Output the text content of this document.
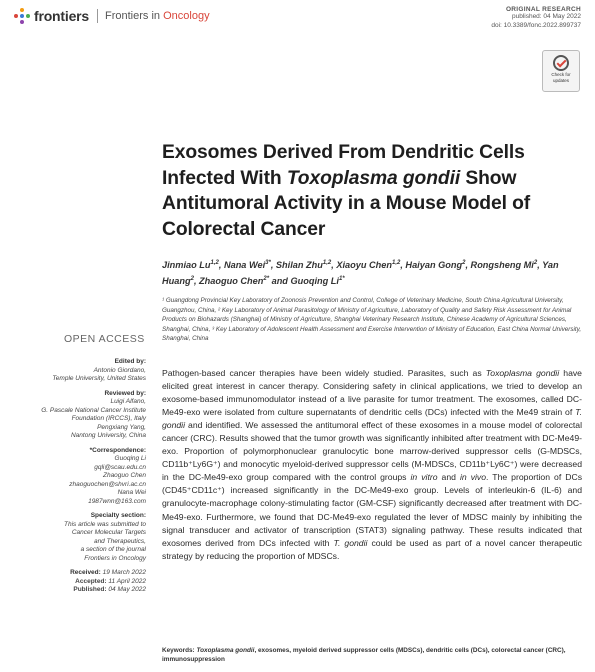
frontiers Frontiers in Oncology
ORIGINAL RESEARCH
published: 04 May 2022
doi: 10.3389/fonc.2022.899737
Check for
updates
Exosomes Derived From Dendritic Cells Infected With Toxoplasma gondii Show Antitumoral Activity in a Mouse Model of Colorectal Cancer
Jinmiao Lu$^{1,2}$, Nana Wei$^{3*}$, Shilan Zhu$^{1,2}$, Xiaoyu Chen$^{1,2}$, Haiyan Gong$^2$, Rongsheng Mi$^2$, Yan Huang$^2$, Zhaoguo Chen$^{2*}$ and Guoqing $Li^{1*}$
¹ Guangdong Provincial Key Laboratory of Zoonosis Prevention and Control, College of Veterinary Medicine, South China Agricultural University, Guangzhou, China, ² Key Laboratory of Animal Parasitology of Ministry of Agriculture, Laboratory of Quality and Safety Risk Assessment for Animal Products on Biohazards (Shanghai) of Ministry of Agriculture, Shanghai Veterinary Research Institute, Chinese Academy of Agricultural Sciences, Shanghai, China, ³ Key Laboratory of Adolescent Health Assessment and Exercise Intervention of Ministry of Education, East China Normal University, Shanghai, China
OPEN ACCESS
Edited by:
Antonio Giordano,
Temple University, United States
Reviewed by:
Luigi Alfano,
G. Pascale National Cancer Institute
Foundation (IRCCS), Italy
Pengxiang Yang,
Nantong University, China
*Correspondence:
Guoqing Li
gqli@scau.edu.cn
Zhaoguo Chen
zhaoguochen@shvri.ac.cn
Nana Wei
1987wnn@163.com
Specialty section:
This article was submitted to
Cancer Molecular Targets
and Therapeutics,
a section of the journal
Frontiers in Oncology
Received: 19 March 2022
Accepted: 11 April 2022
Published: 04 May 2022
Pathogen-based cancer therapies have been widely studied. Parasites, such as Toxoplasma gondii have elicited great interest in cancer therapy. Considering safety in clinical applications, we tried to develop an exosome-based immunomodulator instead of a live parasite for tumor treatment. The exosomes, called DC-Me49-exo were isolated from culture supernatants of dendritic cells (DCs) infected with the Me49 strain of T. gondii and identified. We assessed the antitumoral effect of these exosomes in a mouse model of colorectal cancer (CRC). Results showed that the tumor growth was significantly inhibited after treatment with DC-Me49-exo. Proportion of polymorphonuclear granulocytic bone marrow-derived suppressor cells (G-MDSCs, CD11b⁺Ly6G⁺) and monocytic myeloid-derived suppressor cells (M-MDSCs, CD11b⁺Ly6C⁺) were decreased in the DC-Me49-exo group compared with the control groups in vitro and in vivo. The proportion of DCs (CD45⁺CD11c⁺) increased significantly in the DC-Me49-exo group. Levels of interleukin-6 (IL-6) and granulocyte-macrophage colony-stimulating factor (GM-CSF) significantly decreased after treatment with DC-Me49-exo. Furthermore, we found that DC-Me49-exo regulated the lever of MDSC mainly by inhibiting the signal transducer and activator of transcription (STAT3) signaling pathway. These results indicated that exosomes derived from DCs infected with T. gondii could be used as part of a novel cancer therapeutic strategy by reducing the proportion of MDSCs.
Keywords: Toxoplasma gondii, exosomes, myeloid derived suppressor cells (MDSCs), dendritic cells (DCs), colorectal cancer (CRC), immunosuppression
